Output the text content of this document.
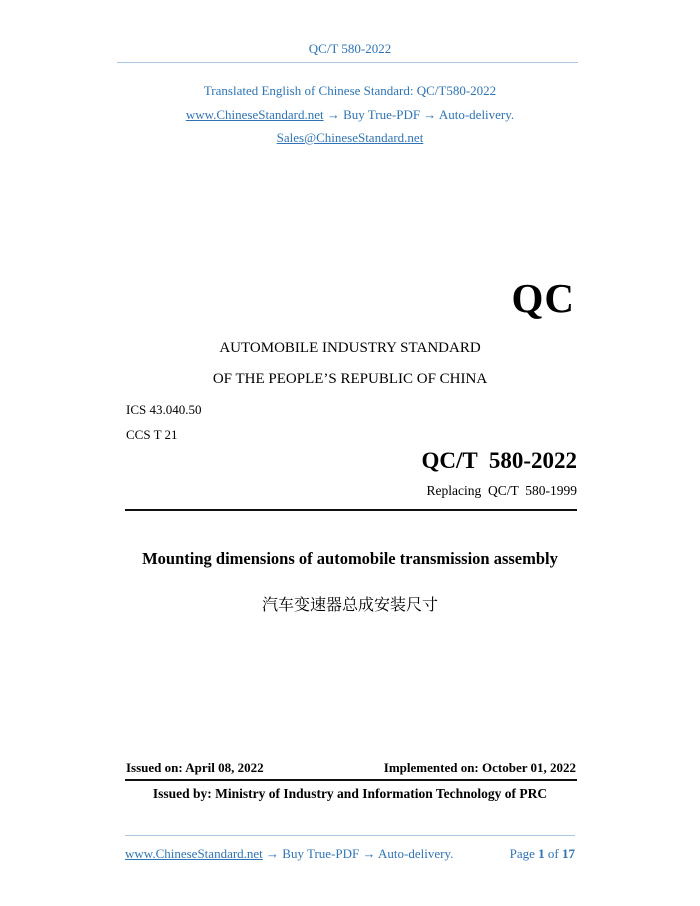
QC/T 580-2022
Translated English of Chinese Standard: QC/T580-2022
www.ChineseStandard.net → Buy True-PDF → Auto-delivery.
Sales@ChineseStandard.net
QC
AUTOMOBILE INDUSTRY STANDARD
OF THE PEOPLE’S REPUBLIC OF CHINA
ICS 43.040.50
CCS T 21
QC/T  580-2022
Replacing  QC/T  580-1999
Mounting dimensions of automobile transmission assembly
汽车变速器总成安装尺寸
Issued on: April 08, 2022	Implemented on: October 01, 2022
Issued by: Ministry of Industry and Information Technology of PRC
www.ChineseStandard.net → Buy True-PDF → Auto-delivery.	Page 1 of 17
